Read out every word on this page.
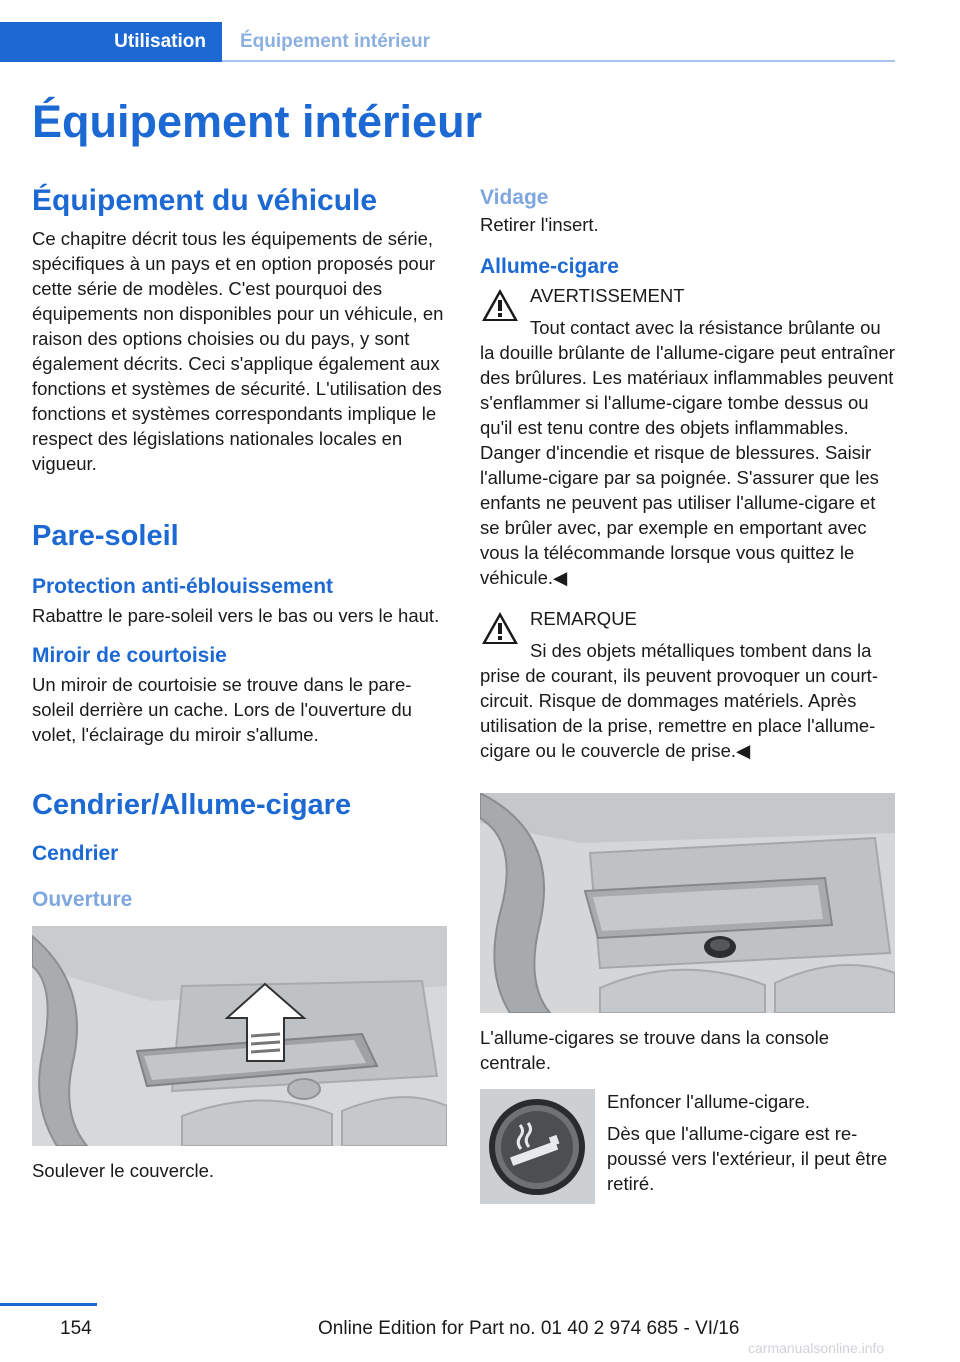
Utilisation	Équipement intérieur
Équipement intérieur
Équipement du véhicule

Ce chapitre décrit tous les équipements de série, spécifiques à un pays et en option proposés pour cette série de modèles. C'est pourquoi des équipements non disponibles pour un véhicule, en raison des options choisies ou du pays, y sont également décrits. Ceci s'applique également aux fonctions et systèmes de sécurité. L'utilisation des fonctions et systèmes correspondants implique le respect des législations nationales locales en vigueur.

Pare-soleil
Protection anti-éblouissement

Rabattre le pare-soleil vers le bas ou vers le haut.

Miroir de courtoisie

Un miroir de courtoisie se trouve dans le pare-soleil derrière un cache. Lors de l'ouverture du volet, l'éclairage du miroir s'allume.

Cendrier/Allume-cigare
Cendrier
Ouverture
Soulever le couvercle.
Vidage

Retirer l'insert.

Allume-cigare
AVERTISSEMENT

Tout contact avec la résistance brûlante ou la douille brûlante de l'allume-cigare peut entraîner des brûlures. Les matériaux inflammables peuvent s'enflammer si l'allume-cigare tombe dessus ou qu'il est tenu contre des objets inflammables. Danger d'incendie et risque de blessures. Saisir l'allume-cigare par sa poignée. S'assurer que les enfants ne peuvent pas utiliser l'allume-cigare et se brûler avec, par exemple en emportant avec vous la télécommande lorsque vous quittez le véhicule.◀

REMARQUE

Si des objets métalliques tombent dans la prise de courant, ils peuvent provoquer un court-circuit. Risque de dommages matériels. Après utilisation de la prise, remettre en place l'allume-cigare ou le couvercle de prise.◀

L'allume-cigares se trouve dans la console centrale.

Enfoncer l'allume-cigare.

Dès que l'allume-cigare est repoussé vers l'extérieur, il peut être retiré.

154	Online Edition for Part no. 01 40 2 974 685 - VI/16
carmanualsonline.info
